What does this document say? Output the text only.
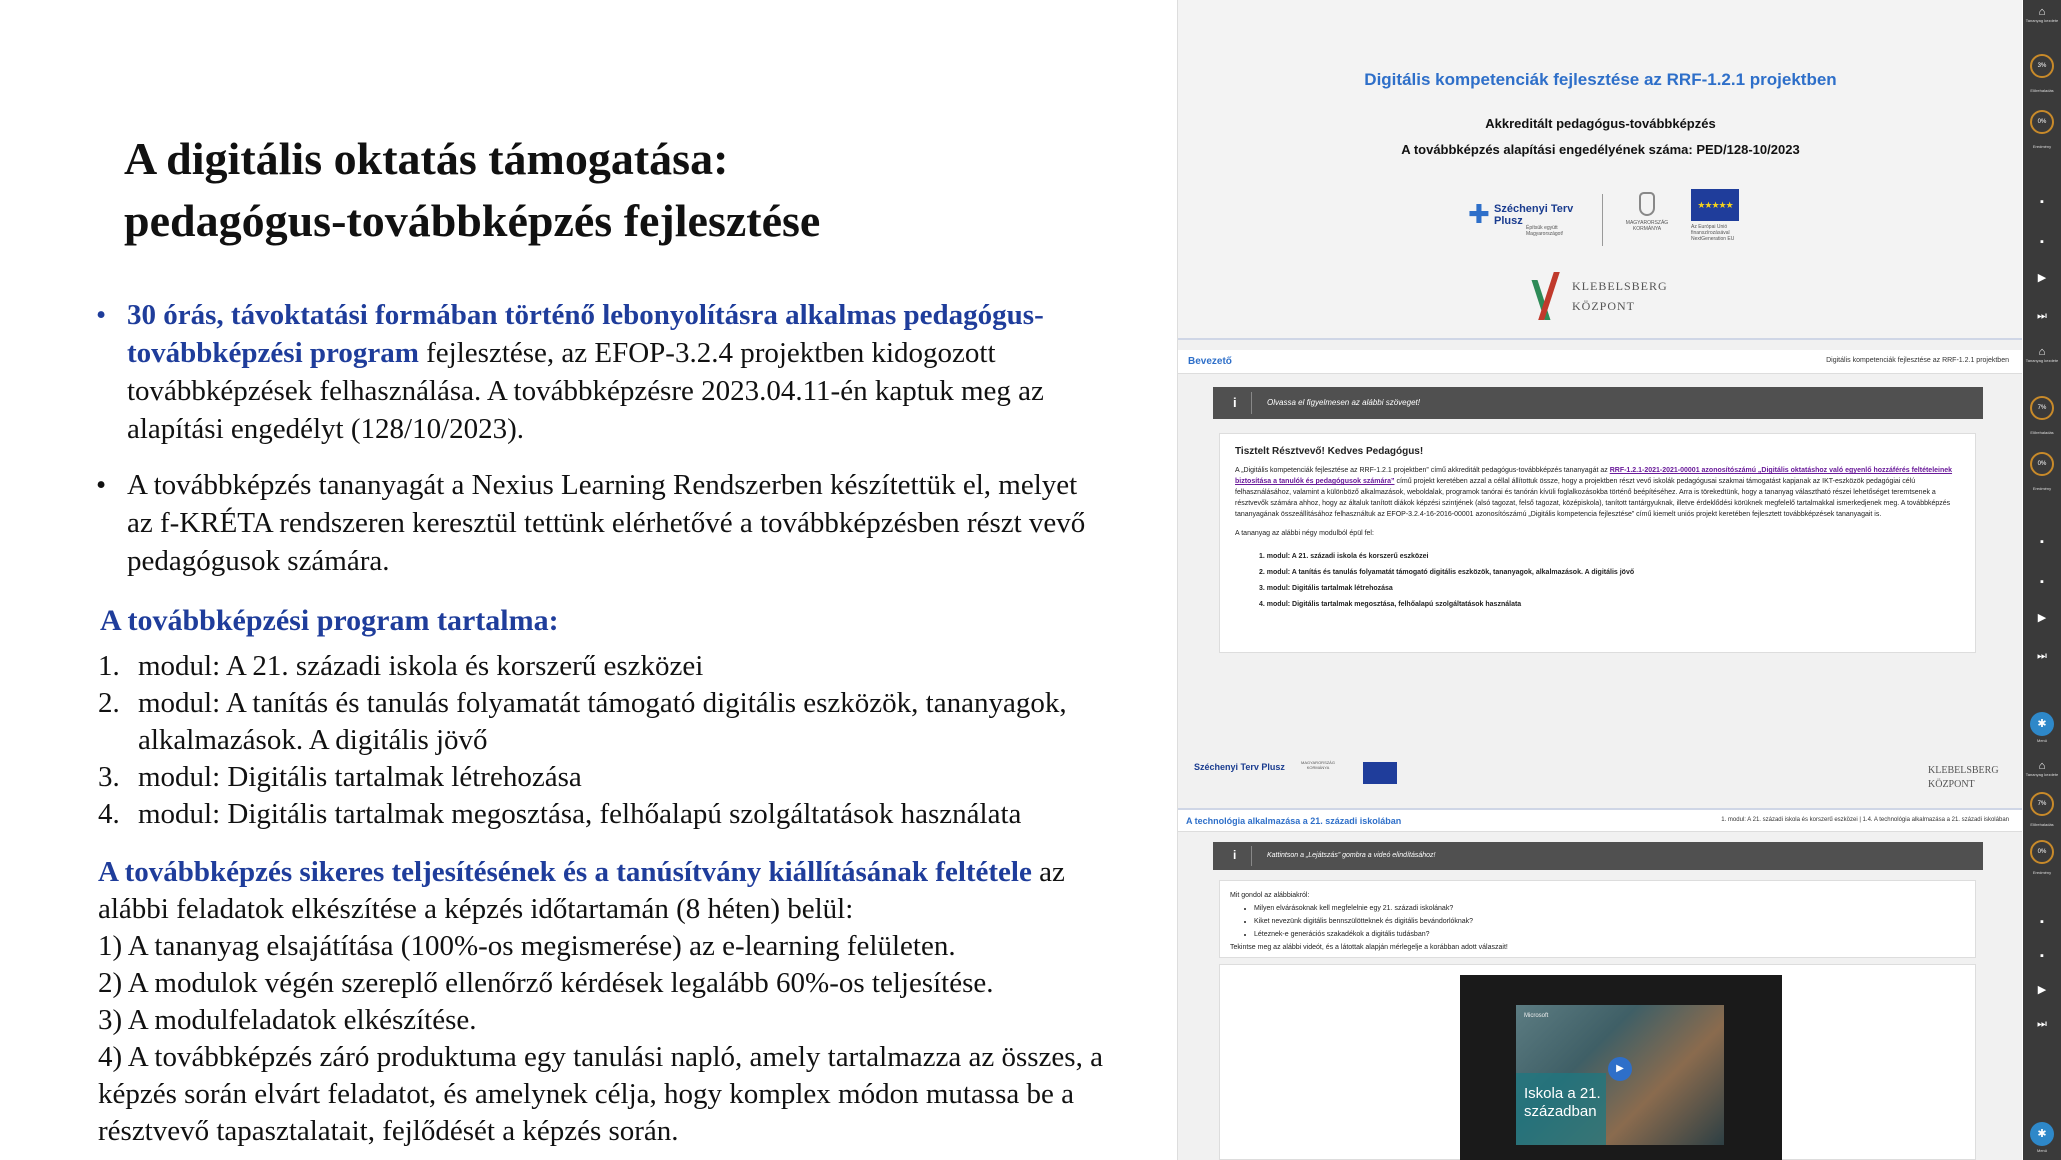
A digitális oktatás támogatása:
pedagógus-továbbképzés fejlesztése
• 30 órás, távoktatási formában történő lebonyolításra alkalmas pedagógus-továbbképzési program fejlesztése, az EFOP-3.2.4 projektben kidogozott továbbképzések felhasználása. A továbbképzésre 2023.04.11-én kaptuk meg az alapítási engedélyt (128/10/2023).
• A továbbképzés tananyagát a Nexius Learning Rendszerben készítettük el, melyet az f-KRÉTA rendszeren keresztül tettünk elérhetővé a továbbképzésben részt vevő pedagógusok számára.
A továbbképzési program tartalma:
1. modul: A 21. századi iskola és korszerű eszközei
2. modul: A tanítás és tanulás folyamatát támogató digitális eszközök, tananyagok, alkalmazások. A digitális jövő
3. modul: Digitális tartalmak létrehozása
4. modul: Digitális tartalmak megosztása, felhőalapú szolgáltatások használata
A továbbképzés sikeres teljesítésének és a tanúsítvány kiállításának feltétele az alábbi feladatok elkészítése a képzés időtartamán (8 héten) belül:
1) A tananyag elsajátítása (100%-os megismerése) az e-learning felületen.
2) A modulok végén szereplő ellenőrző kérdések legalább 60%-os teljesítése.
3) A modulfeladatok elkészítése.
4) A továbbképzés záró produktuma egy tanulási napló, amely tartalmazza az összes, a képzés során elvárt feladatot, és amelynek célja, hogy komplex módon mutassa be a résztvevő tapasztalatait, fejlődését a képzés során.
Digitális kompetenciák fejlesztése az RRF-1.2.1 projektben
Akkreditált pedagógus-továbbképzés
A továbbképzés alapítási engedélyének száma: PED/128-10/2023
✚ Széchenyi Terv Plusz
Építsük együtt Magyarországot!
MAGYARORSZÁG KORMÁNYA
★★★★★
Az Európai Unió finanszírozásával NextGeneration EU
KLEBELSBERG
KÖZPONT
Bevezető	Digitális kompetenciák fejlesztése az RRF-1.2.1 projektben
i	Olvassa el figyelmesen az alábbi szöveget!
Tisztelt Résztvevő! Kedves Pedagógus!

A „Digitális kompetenciák fejlesztése az RRF-1.2.1 projektben” című akkreditált pedagógus-továbbképzés tananyagát az RRF-1.2.1-2021-2021-00001 azonosítószámú „Digitális oktatáshoz való egyenlő hozzáférés feltételeinek biztosítása a tanulók és pedagógusok számára” című projekt keretében azzal a céllal állítottuk össze, hogy a projektben részt vevő iskolák pedagógusai szakmai támogatást kapjanak az IKT-eszközök pedagógiai célú felhasználásához, valamint a különböző alkalmazások, weboldalak, programok tanórai és tanórán kívüli foglalkozásokba történő beépítéséhez. Arra is törekedtünk, hogy a tananyag választható részei lehetőséget teremtsenek a résztvevők számára ahhoz, hogy az általuk tanított diákok képzési szintjének (alsó tagozat, felső tagozat, középiskola), tanított tantárgyuknak, illetve érdeklődési körüknek megfelelő tartalmakkal ismerkedjenek meg. A továbbképzés tananyagának összeállításához felhasználtuk az EFOP-3.2.4-16-2016-00001 azonosítószámú „Digitális kompetencia fejlesztése” című kiemelt uniós projekt keretében fejlesztett továbbképzések tananyagait is.

A tananyag az alábbi négy modulból épül fel:

1. modul: A 21. századi iskola és korszerű eszközei
2. modul: A tanítás és tanulás folyamatát támogató digitális eszközök, tananyagok, alkalmazások. A digitális jövő
3. modul: Digitális tartalmak létrehozása
4. modul: Digitális tartalmak megosztása, felhőalapú szolgáltatások használata
Széchenyi Terv Plusz	MAGYARORSZÁG KORMÁNYA	KLEBELSBERG
KÖZPONT
A technológia alkalmazása a 21. századi iskolában	1. modul: A 21. századi iskola és korszerű eszközei | 1.4. A technológia alkalmazása a 21. századi iskolában
i	Kattintson a „Lejátszás” gombra a videó elindításához!
Mit gondol az alábbiakról:
• Milyen elvárásoknak kell megfelelnie egy 21. századi iskolának?
• Kiket nevezünk digitális bennszülötteknek és digitális bevándorlóknak?
• Léteznek-e generációs szakadékok a digitális tudásban?
Tekintse meg az alábbi videót, és a látottak alapján mérlegelje a korábban adott válaszait!
Microsoft
▶
Iskola a 21.
században
⌂
Tananyag kezdete
3%
Előrehaladás
0%
Eredmény
▪
▪
▶
⏭
⌂
Tananyag kezdete
7%
Előrehaladás
0%
Eredmény
▪
▪
▶
⏭
✱
Menü
⌂
Tananyag kezdete
7%
Előrehaladás
0%
Eredmény
▪
▪
▶
⏭
✱
Menü
